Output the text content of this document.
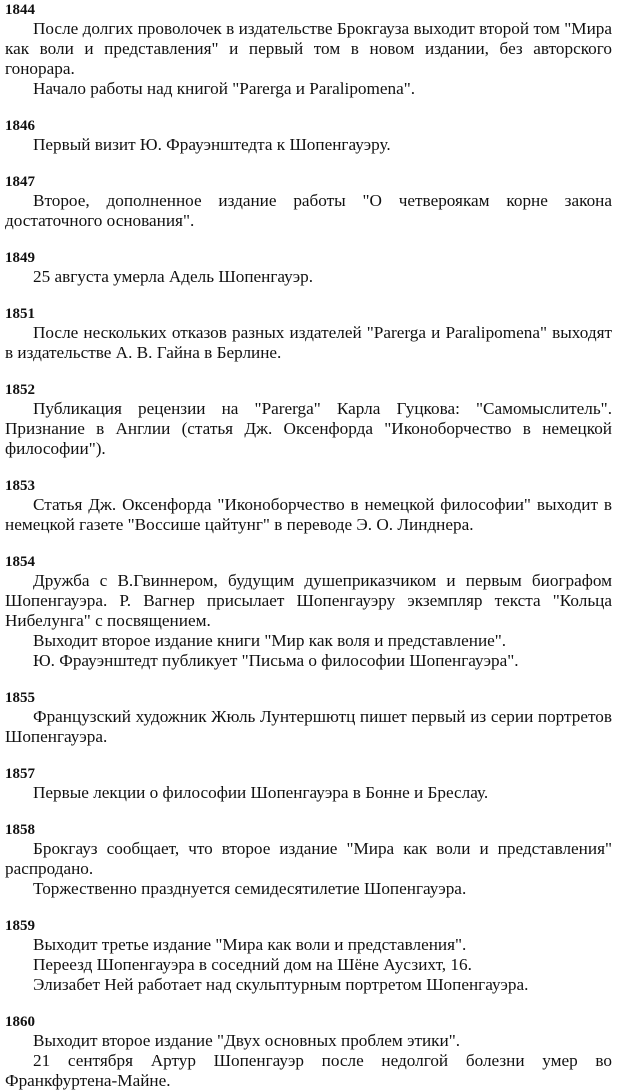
1844

После долгих проволочек в издательстве Брокгауза выходит второй том "Мира как воли и представления" и первый том в новом издании, без авторского гонорара.

Начало работы над книгой "Parerga и Paralipomena".

1846

Первый визит Ю. Фрауэнштедта к Шопенгауэру.

1847

Второе, дополненное издание работы "О четвероякам корне закона достаточного основания".

1849

25 августа умерла Адель Шопенгауэр.

1851

После нескольких отказов разных издателей "Parerga и Paralipomena" выходят в издательстве А. В. Гайна в Берлине.

1852

Публикация рецензии на "Parerga" Карла Гуцкова: "Самомыслитель". Признание в Англии (статья Дж. Оксенфорда "Иконоборчество в немецкой философии").

1853

Статья Дж. Оксенфорда "Иконоборчество в немецкой философии" выходит в немецкой газете "Воссише цайтунг" в переводе Э. О. Линднера.

1854

Дружба с В.Гвиннером, будущим душеприказчиком и первым биографом Шопенгауэра. Р. Вагнер присылает Шопенгауэру экземпляр текста "Кольца Нибелунга" с посвящением.

Выходит второе издание книги "Мир как воля и представление".

Ю. Фрауэнштедт публикует "Письма о философии Шопенгауэра".

1855

Французский художник Жюль Лунтершютц пишет первый из серии портретов Шопенгауэра.

1857

Первые лекции о философии Шопенгауэра в Бонне и Бреслау.

1858

Брокгауз сообщает, что второе издание "Мира как воли и представления" распродано.

Торжественно празднуется семидесятилетие Шопенгауэра.

1859

Выходит третье издание "Мира как воли и представления".

Переезд Шопенгауэра в соседний дом на Шёне Аусзихт, 16.

Элизабет Ней работает над скульптурным портретом Шопенгауэра.

1860

Выходит второе издание "Двух основных проблем этики".

21 сентября Артур Шопенгауэр после недолгой болезни умер во Франкфуртена-Майне.
